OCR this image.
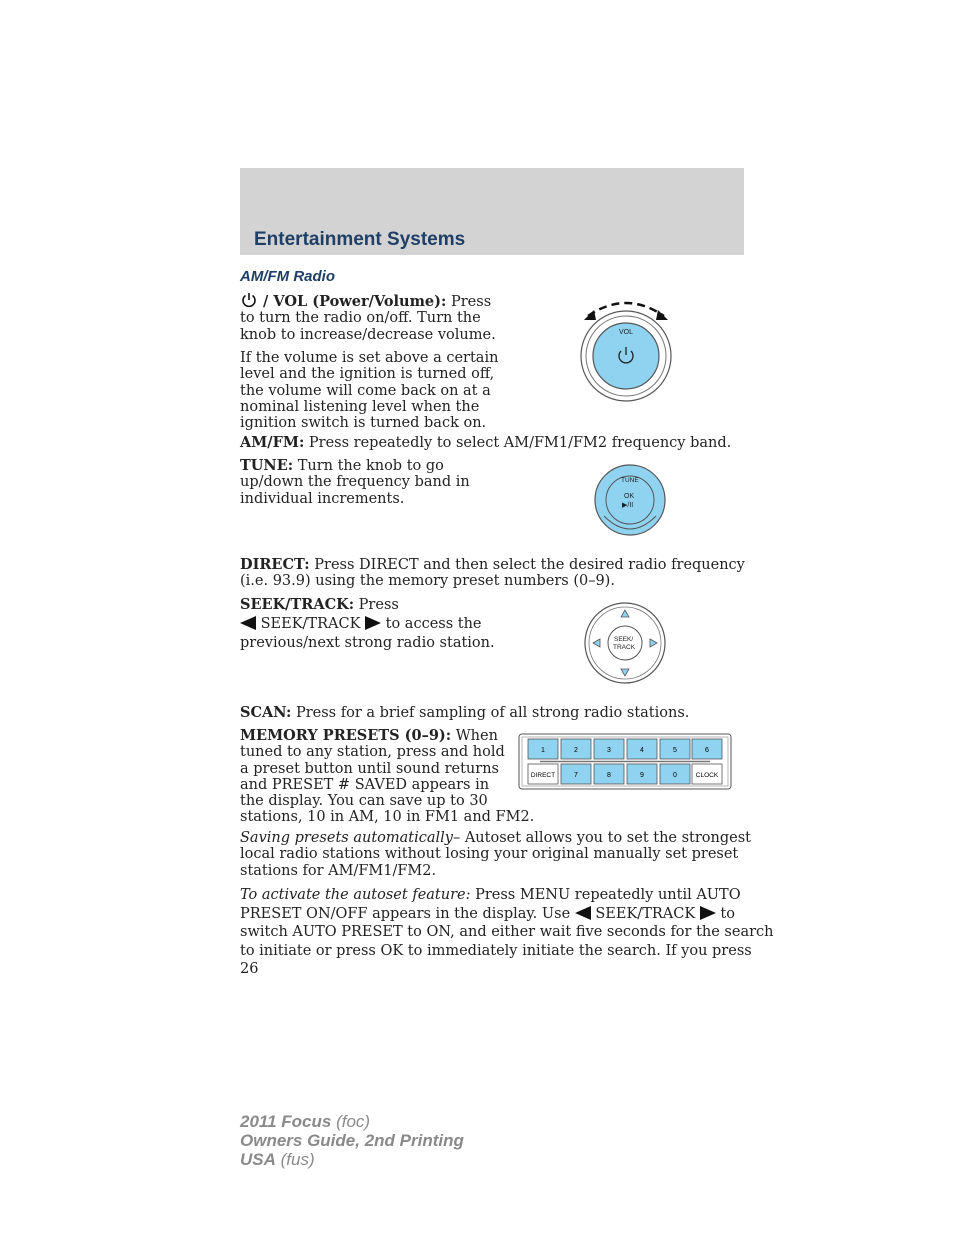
Entertainment Systems
AM/FM Radio

/ VOL (Power/Volume): Press
to turn the radio on/off. Turn the
knob to increase/decrease volume.

If the volume is set above a certain
level and the ignition is turned off,
the volume will come back on at a
nominal listening level when the
ignition switch is turned back on.

VOL

AM/FM: Press repeatedly to select AM/FM1/FM2 frequency band.

TUNE: Turn the knob to go
up/down the frequency band in
individual increments.

TUNE
OK
▶/II

DIRECT: Press DIRECT and then select the desired radio frequency
(i.e. 93.9) using the memory preset numbers (0–9).

SEEK/TRACK: Press
SEEK/TRACK  to access the
previous/next strong radio station.	SEEK/
TRACK

SCAN: Press for a brief sampling of all strong radio stations.

MEMORY PRESETS (0–9): When
tuned to any station, press and hold
a preset button until sound returns
and PRESET # SAVED appears in
the display. You can save up to 30
stations, 10 in AM, 10 in FM1 and FM2.

1	2	3	4	5	6
DIRECT	7	8	9	0	CLOCK

Saving presets automatically– Autoset allows you to set the strongest
local radio stations without losing your original manually set preset
stations for AM/FM1/FM2.

To activate the autoset feature: Press MENU repeatedly until AUTO
PRESET ON/OFF appears in the display. Use  SEEK/TRACK  to
switch AUTO PRESET to ON, and either wait five seconds for the search
to initiate or press OK to immediately initiate the search. If you press

26

2011 Focus (foc)
Owners Guide, 2nd Printing
USA (fus)
